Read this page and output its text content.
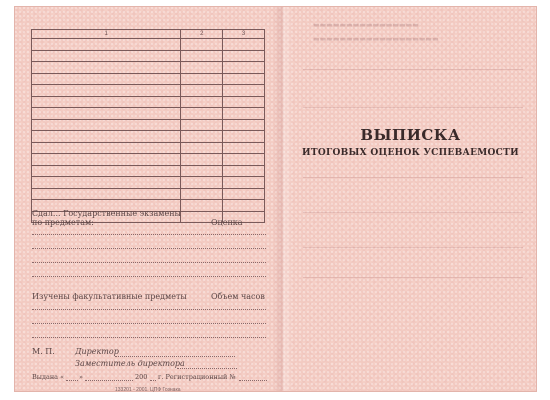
1	2	3

Сдал... Государственные экзамены
по предметам:	Оценка
Изучены факультативные предметы	Объем часов
М. П.	Директор
Заместитель директора
Выдана « »	200 г. Регистрационный №
133201 - 2001. ЦПФ Гознака
▬▬▬▬▬▬▬▬▬▬▬▬▬▬▬▬
▬▬▬▬▬▬▬▬▬▬▬▬▬▬▬▬▬▬▬
ВЫПИСКА
ИТОГОВЫХ ОЦЕНОК УСПЕВАЕМОСТИ
